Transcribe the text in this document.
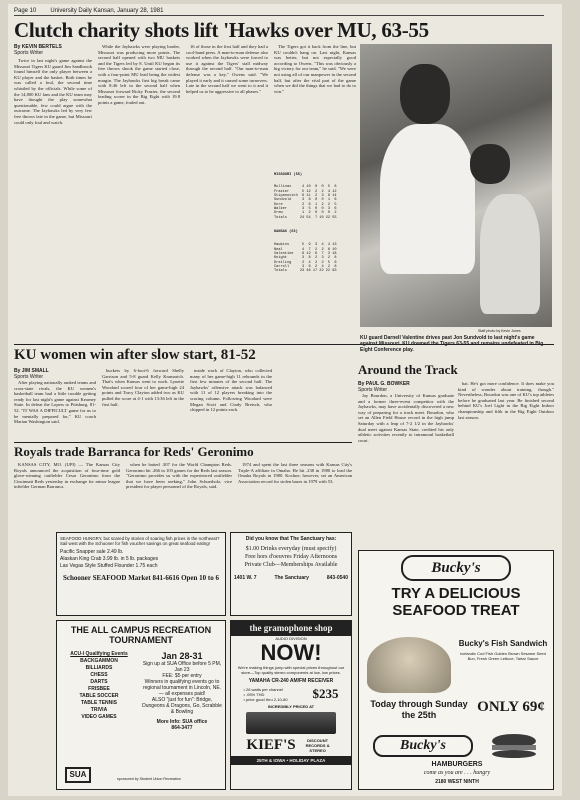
Page 10 University Daily Kansan, January 28, 1981
Clutch charity shots lift 'Hawks over MU, 63-55
By KEVIN BERTELS
Sports Writer

Twice in last night's game against the Missouri Tigers KU guard Jim Sandbrook found himself the only player between a KU player and the basket. Both times he was called a foul, the second time whistled by the officials. While some of the 14,800 KU fans and the KU team may have thought the play somewhat questionable, few could argue with the outcome. The Jayhawks led by very few free throws late in the game, but Missouri could only foul and watch.

While the Jayhawks were playing harder, Missouri was producing more points. The second half opened with two MU baskets and the Tigers led by 8. Until KU began its free throws shook the game started close, with a four-point MU lead being the widest margin. The Jayhawks first big break came with 8:46 left in the second half when Missouri forward Ricky Frazier, the second leading scorer in the Big Eight with 19.8 points a game, fouled out.

16 of those in the first half and they had a cool-hand press. A man-to-man defense also worked when the Jayhawks were forced to use it against the Tigers' stall midway through the second half. "Our man-to-man defense was a key," Owens said. "We played it early and it caused some turnovers. Late in the second half we went to it and it helped us to be aggressive to all phases."

The Tigers got it back from the line, but KU couldn't hang on. Last night, Kansas was better, but not especially good according to Owens. "This was obviously a big victory for our team," he said. "We were not using all of our manpower in the second half, but after the vital part of the game when we did the things that we had to do to win."

MISSOURI (55)

Mullinax     4 10  0  0  5  8
Frazier      5 12  2  2  4 12
Stipanovich  6 11  2  3  6 14
Sundvold     3  8  0  0  1  6
Dore         2  6  1  2  2  5
Walker       3  5  0  0  3  6
Drew         1  2  0  0  0  2
Totals      24 54  7 10 22 55

KANSAS (63)

Hawkins      5  9  3  4  4 13
Neal         4  7  2  2  6 10
Valentine    6 12  6  7  3 18
Knight       3  8  2  3  2  8
Dreiling     2  4  2  2  5  6
Carroll      3  6  2  4  2  8
Totals      23 46 17 22 22 63

Staff photo by Kevin Jones
KU guard Darnell Valentine drives past Jon Sundvold to last night's game Eight Conference play.
KU women win after slow start, 81-52
By JIM SMALL
Sports Writer

After playing nationally ranked teams and cross-state rivals, the KU women's basketball team had a little trouble getting ready for last night's game against Kearney State. In defeat the Lopers to Pittsburg, 81-52. "IT WAS A DIFFICULT game for us to be mentally prepared for," KU coach Marian Washington said.

buckets by 6-foot-6 forward Shelly Garrison and 5-8 guard Kelly Kramarich. That's when Kansas went to work. Lynette Woodard scored four of her game-high 24 points and Tracy Clayton added two as KU pulled the score at 4-1 with 13:36 left in the first half.

inside work of Clayton, who collected many of her game-high 11 rebounds in the first few minutes of the second half. The Jayhawks' offensive attack was balanced with 11 of 12 players breaking into the scoring column. Following Woodard were Megan Scott and Cindy Bretsch, who chipped in 12 points each.

Around the Track
By PAUL G. BOWKER
Sports Writer

Jay Bourdon, a University of Kansas graduate and a former three-event competitor with the Jayhawks, may have accidentally discovered a new way of preparing for a track meet. Bourdon, who set an Allen Field House record in the high jump Saturday with a leap of 7-2 1/2 in the Jayhawks' dual meet against Kansas State, credited his only athletic activities recently to intramural basketball court.

hat. He's got more confidence. It does make you kind of wonder about training, though." Nevertheless, Bourdon was one of KU's top athletes before he graduated last year. Be finished second behind KU's Joel Light in the Big Eight Indoor championship and fifth in the Big Eight Outdoor last season.

Royals trade Barranca for Reds' Geronimo

KANSAS CITY, MO. (UPI) — The Kansas City Royals announced the acquisition of four-time gold glove-winning outfielder Cesar Geronimo from the Cincinnati Reds yesterday in exchange for minor league infielder German Barranca.

when he batted .307 for the World Champion Reds. Geronimo hit .266 in 103 games for the Reds last season. "Geronimo provides us with the experienced outfielder that we have been seeking," John Schuerholz, vice president for player personnel of the Royals, said.

1974 and spent the last three seasons with Kansas City's Triple-A affiliate in Omaha. He hit .238 in 1980 to lead the Omaha Royals in 1980. Kochne, however, set an American Association record for stolen bases in 1979 with 53.

SEAFOOD HUNGRY, but scared by stories of soaring fish prices in the northeast? Sail west with the Schooner for fish voucher savings on great seafood eating!
Pacific Snapper sale 2.49 lb.
Alaskan King Crab 3.99 lb. in 5 lb. packages
Las Vegas Style Stuffed Flounder 1.75 each
Schooner SEAFOOD Market 841-6616 Open 10 to 6
THE ALL CAMPUS RECREATION TOURNAMENT
ACU-I Qualifying Events
BACKGAMMON
BILLIARDS
CHESS
DARTS
FRISBEE
TABLE SOCCER
TABLE TENNIS
TRIVIA
VIDEO GAMES
Jan 28-31
Sign up at SUA Office before 5 PM, Jan 23
FEE: $5 per entry
Winners in qualifying events go to regional tournament in Lincoln, NE. — all expenses paid!
ALSO "just for fun": Bridge, Dungeons & Dragons, Go, Scrabble & Bowling
More Info: SUA office
864-3477
SUA	sponsored by Student Union Recreation
Did you know that The Sanctuary has:
$1.00 Drinks everyday (must specify)
Free hors d'oeuvres Friday Afternoons
Private Club—Memberships Available
1401 W. 7	The Sanctuary	843-0540
the gramophone shop
AUDIO DIVISION
NOW!
We're making things jump with special prices throughout our store—Top quality stereo components at low, low prices.
YAMAHA CR-240 AM/FM RECEIVER
• 26 watts per channel
• .05% THD
• price good thru 2-10-80 $235
INCREDIBLY PRICED AT
KIEF'S	DISCOUNT RECORDS & STEREO
25TH & IOWA • HOLIDAY PLAZA
Bucky's
TRY A DELICIOUS SEAFOOD TREAT
Bucky's Fish Sandwich
Icelandic Cod Fish Golden Brown Sesame Seed Bun, Fresh Green Lettuce, Tartar Sauce
Today through Sunday the 25th	ONLY 69¢
Bucky's
HAMBURGERS
come as you are . . . hungry
2180 WEST NINTH
